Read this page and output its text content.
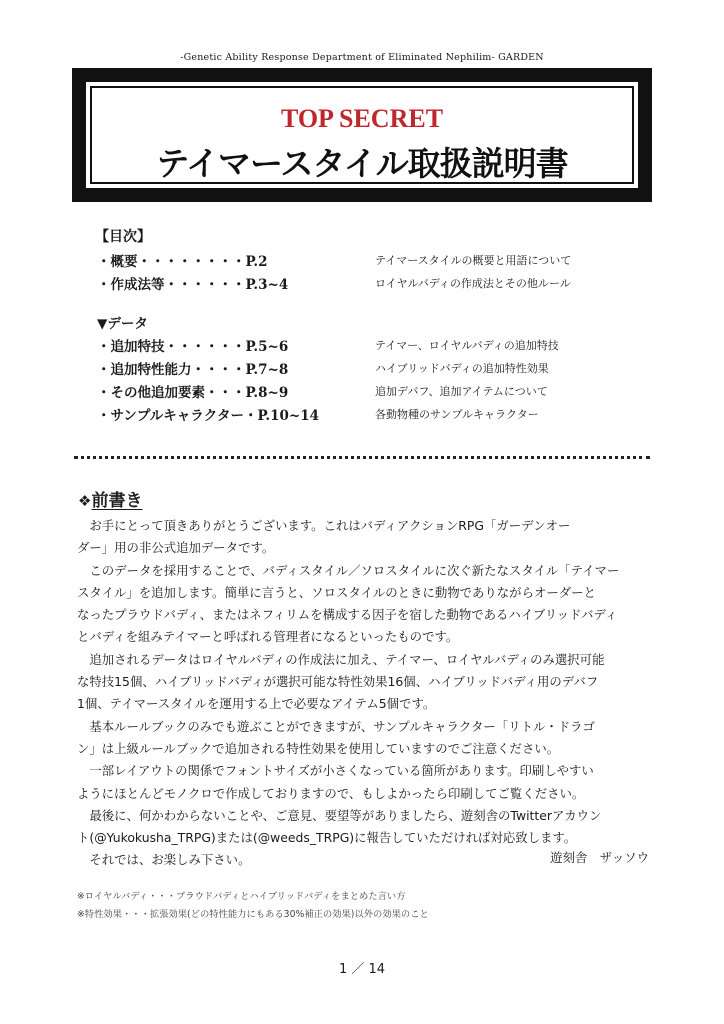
-Genetic Ability Response Department of Eliminated Nephilim- GARDEN
TOP SECRET
テイマースタイル取扱説明書
【目次】
・概要・・・・・・・・P.2	テイマースタイルの概要と用語について
・作成法等・・・・・・P.3~4	ロイヤルバディの作成法とその他ルール
▼データ
・追加特技・・・・・・P.5~6	テイマー、ロイヤルバディの追加特技
・追加特性能力・・・・P.7~8	ハイブリッドバディの追加特性効果
・その他追加要素・・・P.8~9	追加デバフ、追加アイテムについて
・サンプルキャラクター・P.10~14	各動物種のサンプルキャラクター
❖前書き

お手にとって頂きありがとうございます。これはバディアクションRPG「ガーデンオー

ダー」用の非公式追加データです。

このデータを採用することで、バディスタイル／ソロスタイルに次ぐ新たなスタイル「テイマー

スタイル」を追加します。簡単に言うと、ソロスタイルのときに動物でありながらオーダーと

なったプラウドバディ、またはネフィリムを構成する因子を宿した動物であるハイブリッドバディ

とバディを組みテイマーと呼ばれる管理者になるといったものです。

追加されるデータはロイヤルバディの作成法に加え、テイマー、ロイヤルバディのみ選択可能

な特技15個、ハイブリッドバディが選択可能な特性効果16個、ハイブリッドバディ用のデバフ

1個、テイマースタイルを運用する上で必要なアイテム5個です。

基本ルールブックのみでも遊ぶことができますが、サンプルキャラクター「リトル・ドラゴ

ン」は上級ルールブックで追加される特性効果を使用していますのでご注意ください。

一部レイアウトの関係でフォントサイズが小さくなっている箇所があります。印刷しやすい

ようにほとんどモノクロで作成しておりますので、もしよかったら印刷してご覧ください。

最後に、何かわからないことや、ご意見、要望等がありましたら、遊刻舎のTwitterアカウン

ト(@Yukokusha_TRPG)または(@weeds_TRPG)に報告していただければ対応致します。

それでは、お楽しみ下さい。	遊刻舎　ザッソウ
※ロイヤルバディ・・・プラウドバディとハイブリッドバディをまとめた言い方
※特性効果・・・拡張効果(どの特性能力にもある30%補正の効果)以外の効果のこと
1 ／ 14
